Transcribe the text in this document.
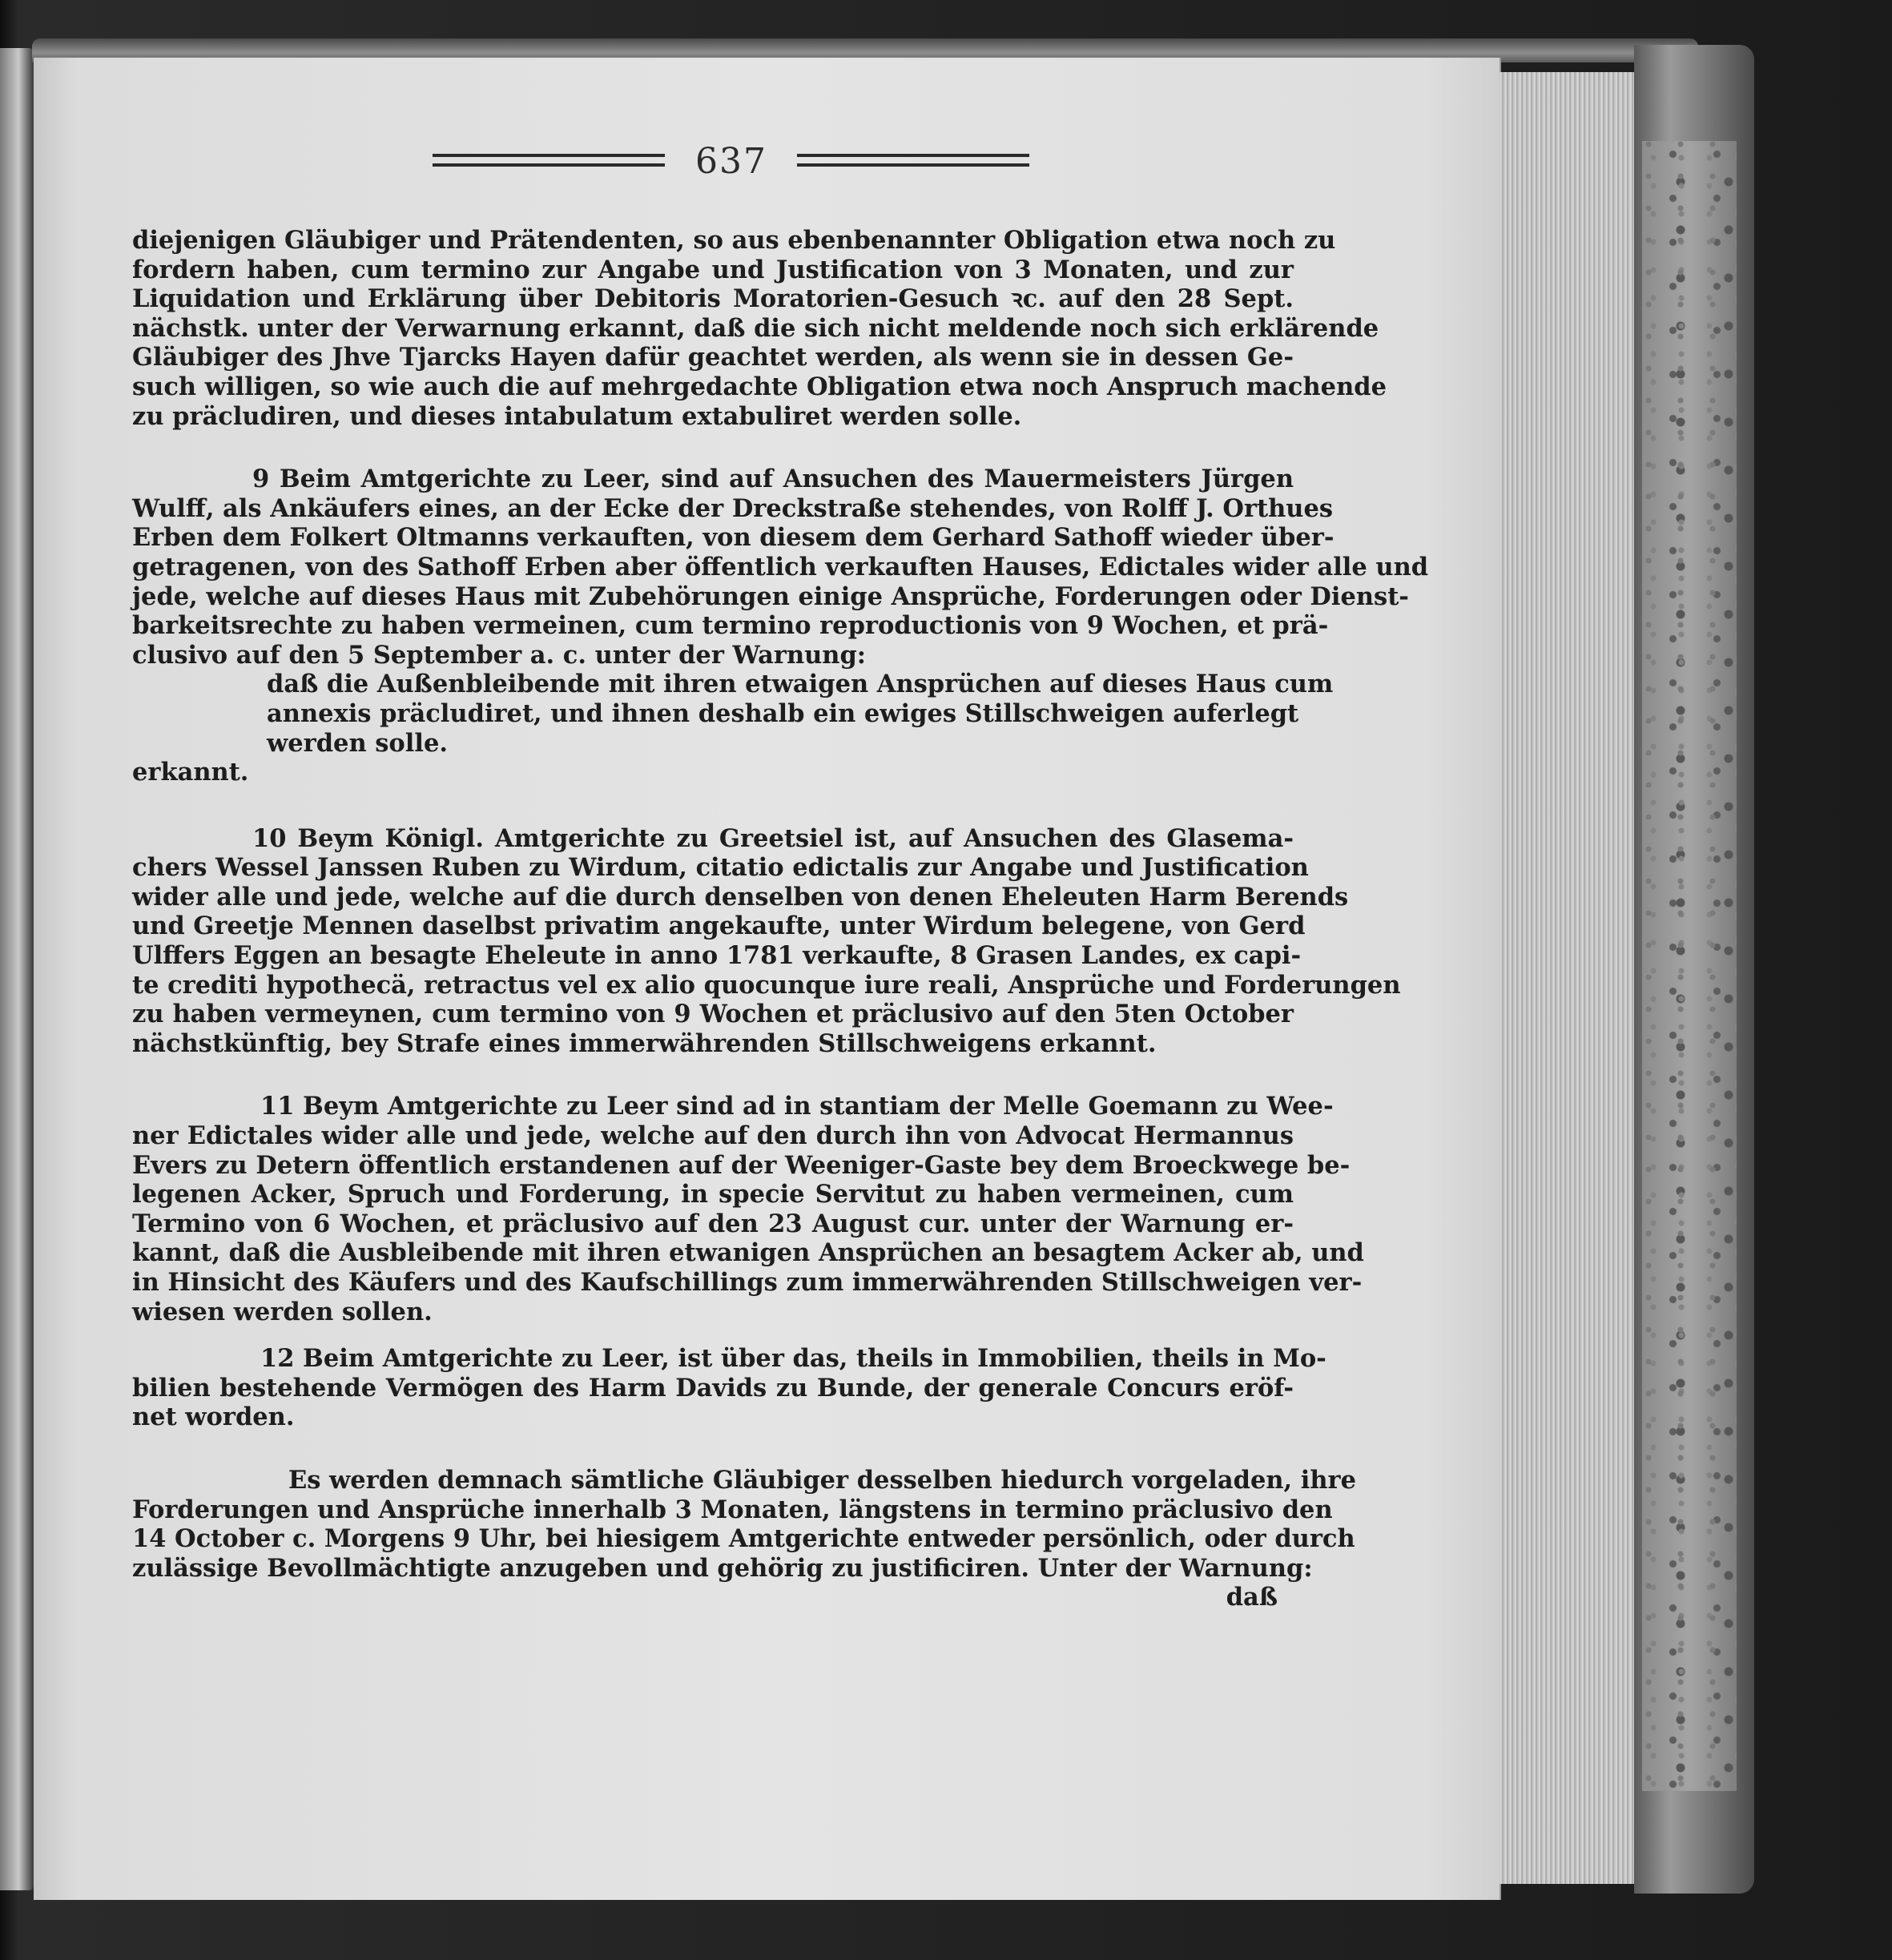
637
diejenigen Gläubiger und Prätendenten, so aus ebenbenannter Obligation etwa noch zu
fordern haben, cum termino zur Angabe und Justification von 3 Monaten, und zur
Liquidation und Erklärung über Debitoris Moratorien-Gesuch ꝛc. auf den 28 Sept.
nächstk. unter der Verwarnung erkannt, daß die sich nicht meldende noch sich erklärende
Gläubiger des Jhve Tjarcks Hayen dafür geachtet werden, als wenn sie in dessen Ge-
such willigen, so wie auch die auf mehrgedachte Obligation etwa noch Anspruch machende
zu präcludiren, und dieses intabulatum extabuliret werden solle.
9 Beim Amtgerichte zu Leer, sind auf Ansuchen des Mauermeisters Jürgen
Wulff, als Ankäufers eines, an der Ecke der Dreckstraße stehendes, von Rolff J. Orthues
Erben dem Folkert Oltmanns verkauften, von diesem dem Gerhard Sathoff wieder über-
getragenen, von des Sathoff Erben aber öffentlich verkauften Hauses, Edictales wider alle und
jede, welche auf dieses Haus mit Zubehörungen einige Ansprüche, Forderungen oder Dienst-
barkeitsrechte zu haben vermeinen, cum termino reproductionis von 9 Wochen, et prä-
clusivo auf den 5 September a. c. unter der Warnung:
daß die Außenbleibende mit ihren etwaigen Ansprüchen auf dieses Haus cum
annexis präcludiret, und ihnen deshalb ein ewiges Stillschweigen auferlegt
werden solle.
erkannt.
10 Beym Königl. Amtgerichte zu Greetsiel ist, auf Ansuchen des Glasema-
chers Wessel Janssen Ruben zu Wirdum, citatio edictalis zur Angabe und Justification
wider alle und jede, welche auf die durch denselben von denen Eheleuten Harm Berends
und Greetje Mennen daselbst privatim angekaufte, unter Wirdum belegene, von Gerd
Ulffers Eggen an besagte Eheleute in anno 1781 verkaufte, 8 Grasen Landes, ex capi-
te crediti hypothecä, retractus vel ex alio quocunque iure reali, Ansprüche und Forderungen
zu haben vermeynen, cum termino von 9 Wochen et präclusivo auf den 5ten October
nächstkünftig, bey Strafe eines immerwährenden Stillschweigens erkannt.
11 Beym Amtgerichte zu Leer sind ad in stantiam der Melle Goemann zu Wee-
ner Edictales wider alle und jede, welche auf den durch ihn von Advocat Hermannus
Evers zu Detern öffentlich erstandenen auf der Weeniger-Gaste bey dem Broeckwege be-
legenen Acker, Spruch und Forderung, in specie Servitut zu haben vermeinen, cum
Termino von 6 Wochen, et präclusivo auf den 23 August cur. unter der Warnung er-
kannt, daß die Ausbleibende mit ihren etwanigen Ansprüchen an besagtem Acker ab, und
in Hinsicht des Käufers und des Kaufschillings zum immerwährenden Stillschweigen ver-
wiesen werden sollen.
12 Beim Amtgerichte zu Leer, ist über das, theils in Immobilien, theils in Mo-
bilien bestehende Vermögen des Harm Davids zu Bunde, der generale Concurs eröf-
net worden.
Es werden demnach sämtliche Gläubiger desselben hiedurch vorgeladen, ihre
Forderungen und Ansprüche innerhalb 3 Monaten, längstens in termino präclusivo den
14 October c. Morgens 9 Uhr, bei hiesigem Amtgerichte entweder persönlich, oder durch
zulässige Bevollmächtigte anzugeben und gehörig zu justificiren. Unter der Warnung:
daß
